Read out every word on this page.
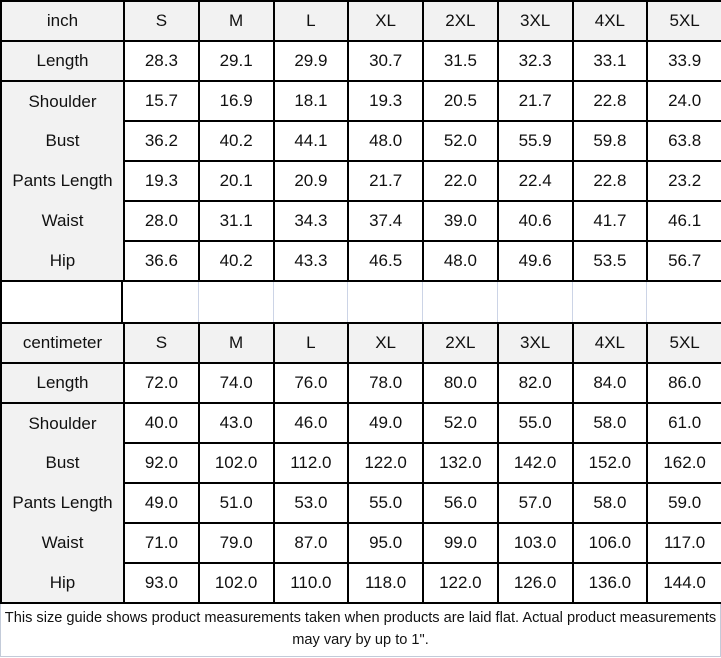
inch	S	M	L	XL	2XL	3XL	4XL	5XL
Length	28.3	29.1	29.9	30.7	31.5	32.3	33.1	33.9
Shoulder	15.7	16.9	18.1	19.3	20.5	21.7	22.8	24.0
Bust	36.2	40.2	44.1	48.0	52.0	55.9	59.8	63.8
Pants Length	19.3	20.1	20.9	21.7	22.0	22.4	22.8	23.2
Waist	28.0	31.1	34.3	37.4	39.0	40.6	41.7	46.1
Hip	36.6	40.2	43.3	46.5	48.0	49.6	53.5	56.7
centimeter	S	M	L	XL	2XL	3XL	4XL	5XL
Length	72.0	74.0	76.0	78.0	80.0	82.0	84.0	86.0
Shoulder	40.0	43.0	46.0	49.0	52.0	55.0	58.0	61.0
Bust	92.0	102.0	112.0	122.0	132.0	142.0	152.0	162.0
Pants Length	49.0	51.0	53.0	55.0	56.0	57.0	58.0	59.0
Waist	71.0	79.0	87.0	95.0	99.0	103.0	106.0	117.0
Hip	93.0	102.0	110.0	118.0	122.0	126.0	136.0	144.0
This size guide shows product measurements taken when products are laid flat. Actual product measurements may vary by up to 1".
